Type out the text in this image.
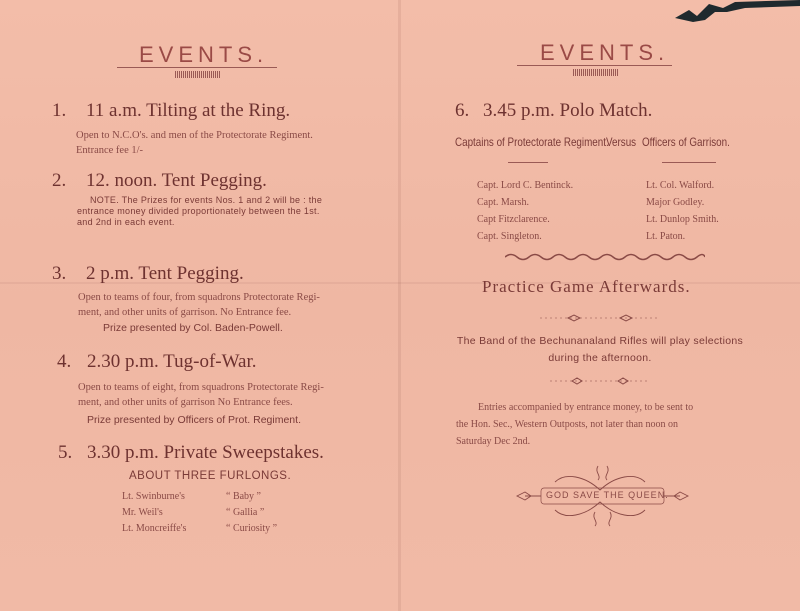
EVENTS.
1. 11 a.m. Tilting at the Ring.
Open to N.C.O's. and men of the Protectorate Regiment.
Entrance fee 1/-
2. 12. noon. Tent Pegging.
NOTE. The Prizes for events Nos. 1 and 2 will be : the
entrance money divided proportionately between the 1st.
and 2nd in each event.
3. 2 p.m. Tent Pegging.
Open to teams of four, from squadrons Protectorate Regi-
ment, and other units of garrison. No Entrance fee.
Prize presented by Col. Baden-Powell.
4. 2.30 p.m. Tug-of-War.
Open to teams of eight, from squadrons Protectorate Regi-
ment, and other units of garrison No Entrance fees.
Prize presented by Officers of Prot. Regiment.
5. 3.30 p.m. Private Sweepstakes.
ABOUT THREE FURLONGS.
Lt. Swinburne's
Mr. Weil's
Lt. Moncreiffe's
“ Baby ”
“ Gallia ”
“ Curiosity ”
EVENTS.
6. 3.45 p.m. Polo Match.
Captains of Protectorate Regiment.
Versus Officers of Garrison.
Capt. Lord C. Bentinck.
Capt. Marsh.
Capt Fitzclarence.
Capt. Singleton.
Lt. Col. Walford.
Major Godley.
Lt. Dunlop Smith.
Lt. Paton.
Practice Game Afterwards.
The Band of the Bechunanaland Rifles will play selections
during the afternoon.
Entries accompanied by entrance money, to be sent to
the Hon. Sec., Western Outposts, not later than noon on
Saturday Dec 2nd.
GOD SAVE THE QUEEN.
